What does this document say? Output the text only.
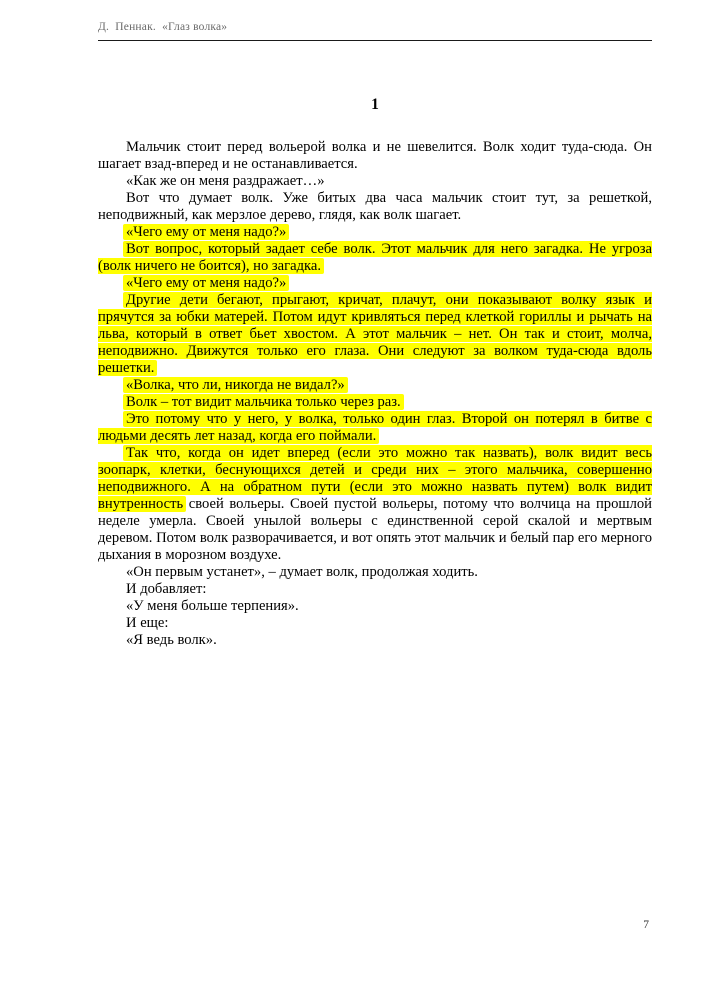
Д.  Пеннак.  «Глаз волка»
1

Мальчик стоит перед вольерой волка и не шевелится. Волк ходит туда-сюда. Он шагает взад-вперед и не останавливается.

«Как же он меня раздражает…»

Вот что думает волк. Уже битых два часа мальчик стоит тут, за решеткой, неподвижный, как мерзлое дерево, глядя, как волк шагает.

«Чего ему от меня надо?»

Вот вопрос, который задает себе волк. Этот мальчик для него загадка. Не угроза (волк ничего не боится), но загадка.

«Чего ему от меня надо?»

Другие дети бегают, прыгают, кричат, плачут, они показывают волку язык и прячутся за юбки матерей. Потом идут кривляться перед клеткой гориллы и рычать на льва, который в ответ бьет хвостом. А этот мальчик – нет. Он так и стоит, молча, неподвижно. Движутся только его глаза. Они следуют за волком туда-сюда вдоль решетки.

«Волка, что ли, никогда не видал?»

Волк – тот видит мальчика только через раз.

Это потому что у него, у волка, только один глаз. Второй он потерял в битве с людьми десять лет назад, когда его поймали.

Так что, когда он идет вперед (если это можно так назвать), волк видит весь зоопарк, клетки, беснующихся детей и среди них – этого мальчика, совершенно неподвижного. А на обратном пути (если это можно назвать путем) волк видит внутренность своей вольеры. Своей пустой вольеры, потому что волчица на прошлой неделе умерла. Своей унылой вольеры с единственной серой скалой и мертвым деревом. Потом волк разворачивается, и вот опять этот мальчик и белый пар его мерного дыхания в морозном воздухе.

«Он первым устанет», – думает волк, продолжая ходить.

И добавляет:

«У меня больше терпения».

И еще:

«Я ведь волк».

7
